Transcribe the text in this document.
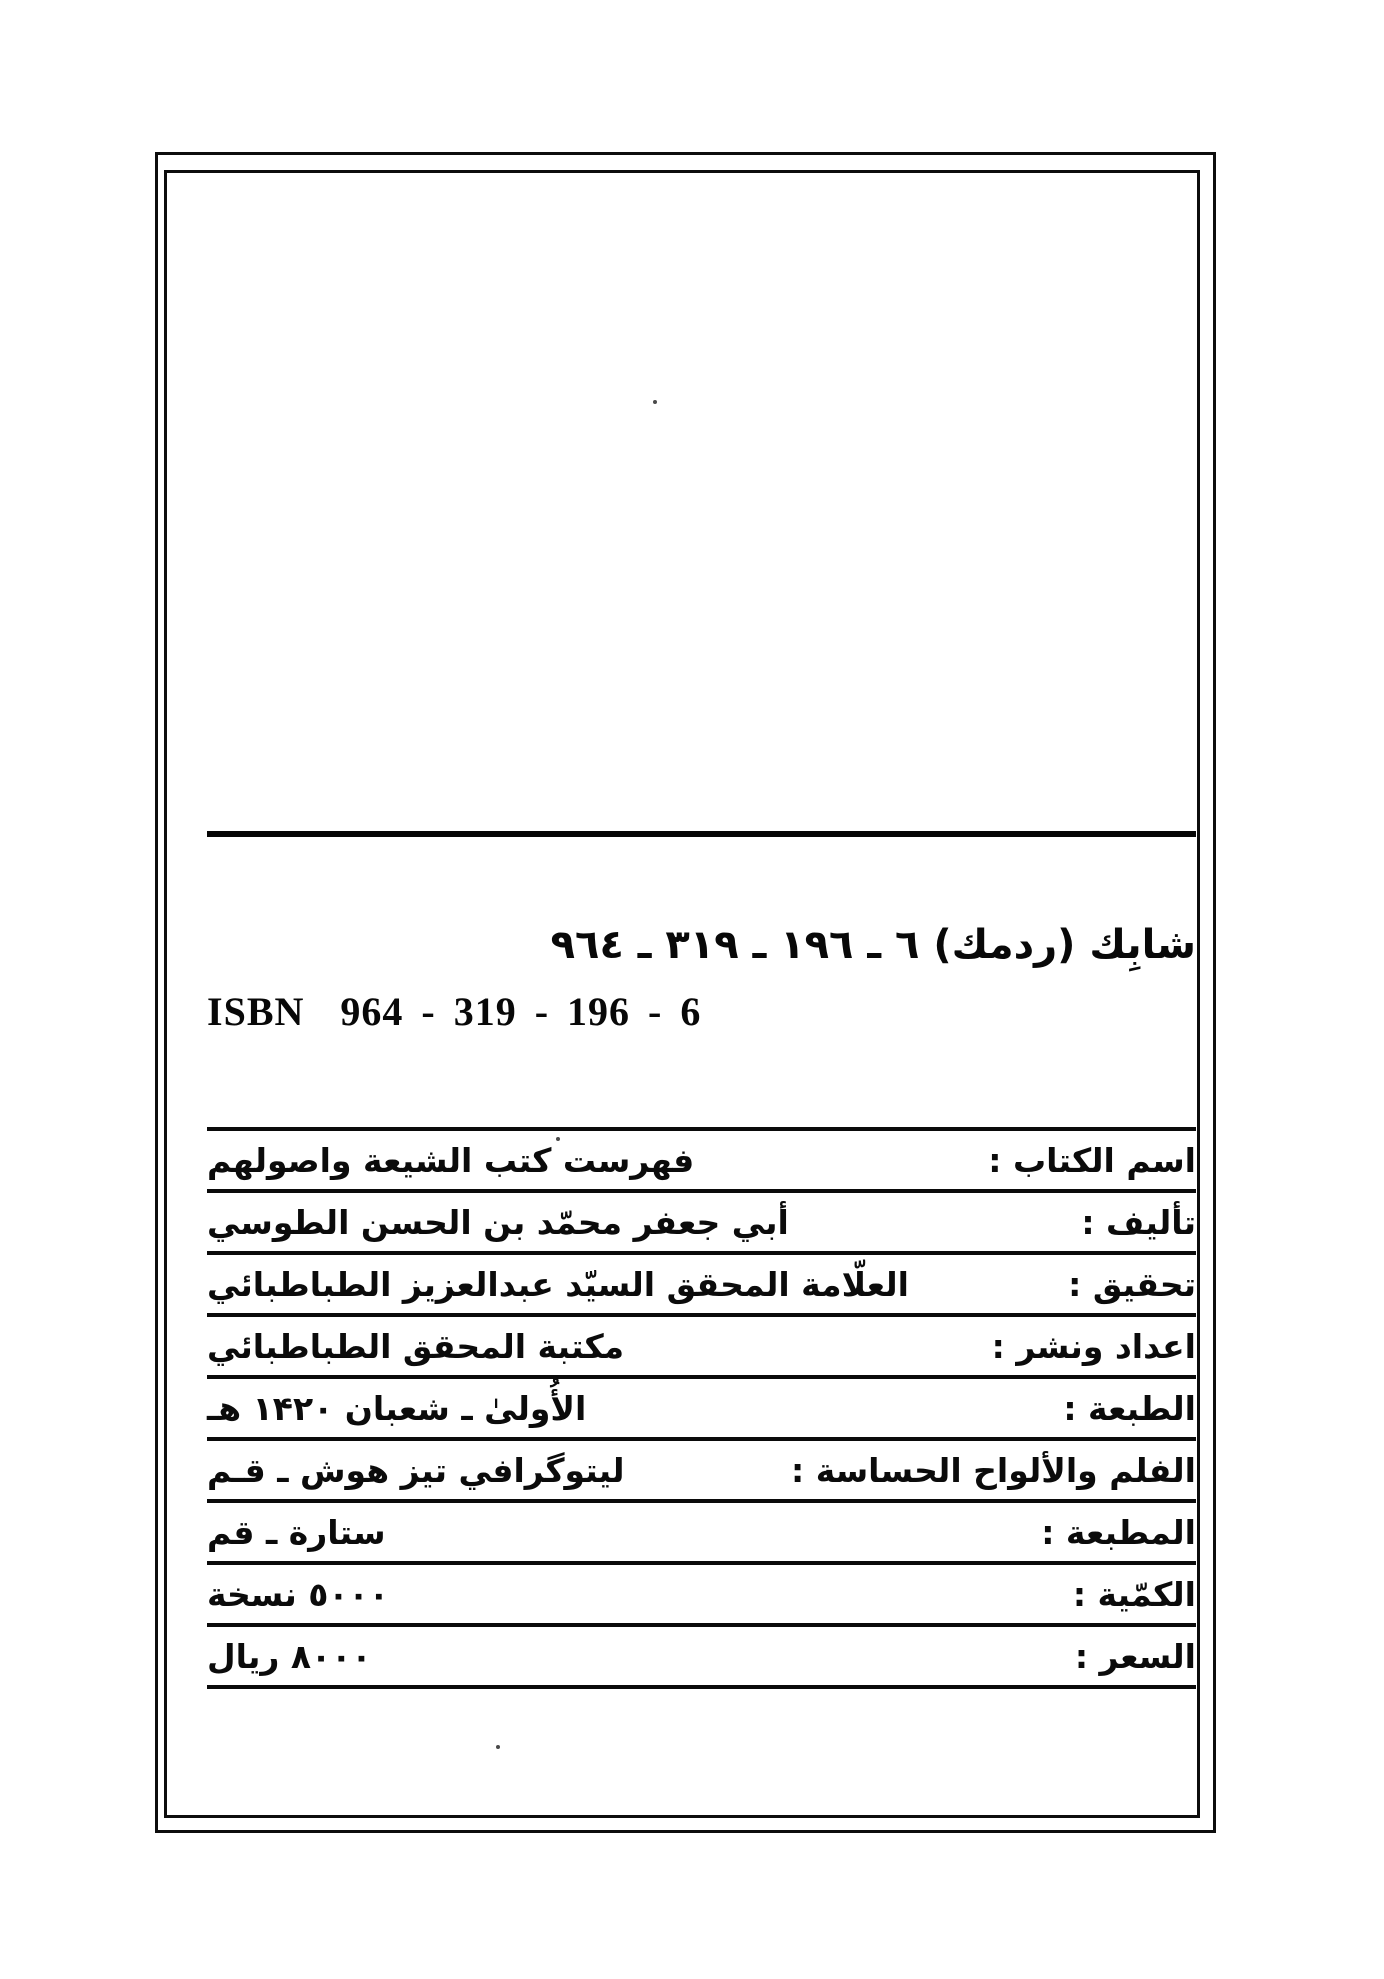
شابِك (ردمك) ٦ ـ ١٩٦ ـ ٣١٩ ـ ٩٦٤
ISBN  964 - 319 - 196 - 6
اسم الكتاب :
فهرست كتب الشيعة واصولهم
تأليف :
أبي جعفر محمّد بن الحسن الطوسي
تحقيق :
العلّامة المحقق السيّد عبدالعزيز الطباطبائي
اعداد ونشر :
مكتبة المحقق الطباطبائي
الطبعة :
الأُولىٰ ـ شعبان ۱۴۲۰ هـ
الفلم والألواح الحساسة :
ليتوگرافي تيز هوش ـ قـم
المطبعة :
ستارة ـ قم
الكمّية :
٥٠٠٠ نسخة
السعر :
٨٠٠٠ ريال
